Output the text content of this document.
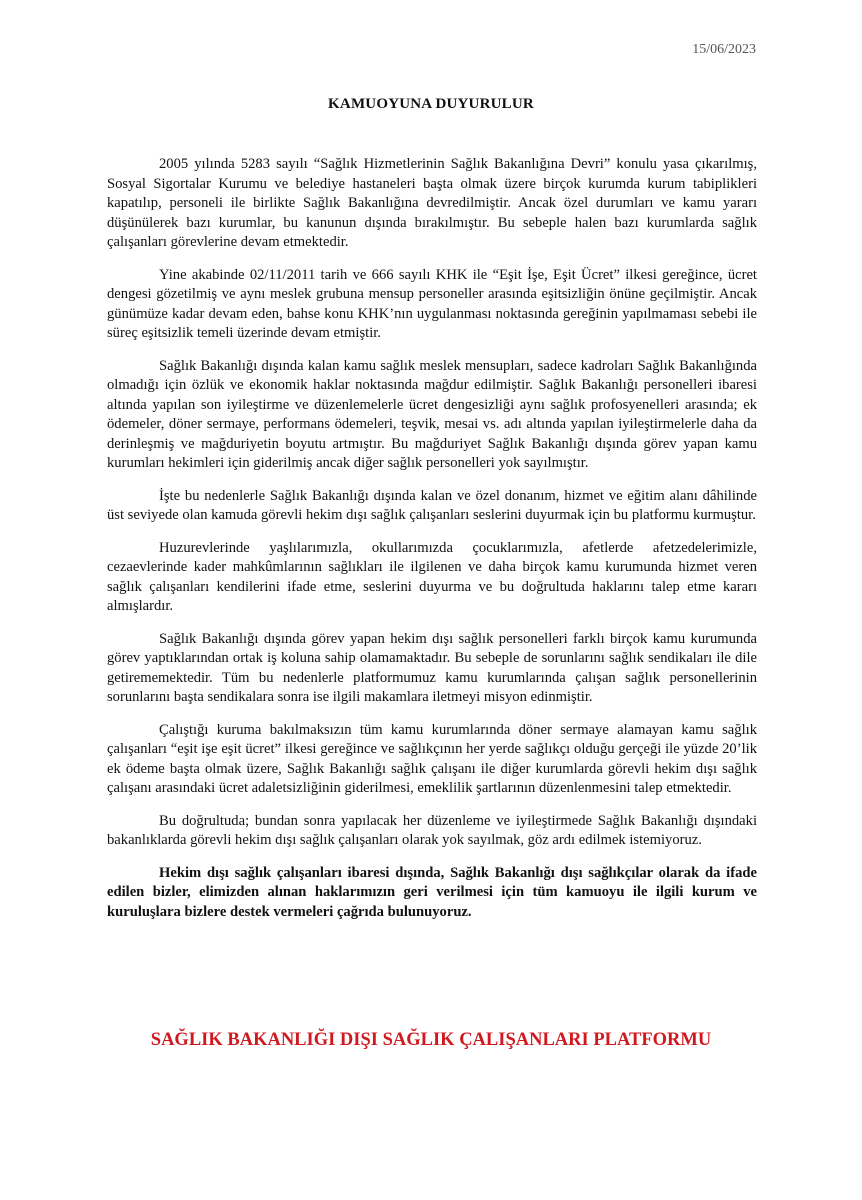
15/06/2023
KAMUOYUNA DUYURULUR

2005 yılında 5283 sayılı “Sağlık Hizmetlerinin Sağlık Bakanlığına Devri” konulu yasa çıkarılmış, Sosyal Sigortalar Kurumu ve belediye hastaneleri başta olmak üzere birçok kurumda kurum tabiplikleri kapatılıp, personeli ile birlikte Sağlık Bakanlığına devredilmiştir. Ancak özel durumları ve kamu yararı düşünülerek bazı kurumlar, bu kanunun dışında bırakılmıştır. Bu sebeple halen bazı kurumlarda sağlık çalışanları görevlerine devam etmektedir.

Yine akabinde 02/11/2011 tarih ve 666 sayılı KHK ile “Eşit İşe, Eşit Ücret” ilkesi gereğince, ücret dengesi gözetilmiş ve aynı meslek grubuna mensup personeller arasında eşitsizliğin önüne geçilmiştir. Ancak günümüze kadar devam eden, bahse konu KHK’nın uygulanması noktasında gereğinin yapılmaması sebebi ile süreç eşitsizlik temeli üzerinde devam etmiştir.

Sağlık Bakanlığı dışında kalan kamu sağlık meslek mensupları, sadece kadroları Sağlık Bakanlığında olmadığı için özlük ve ekonomik haklar noktasında mağdur edilmiştir. Sağlık Bakanlığı personelleri ibaresi altında yapılan son iyileştirme ve düzenlemelerle ücret dengesizliği aynı sağlık profosyenelleri arasında; ek ödemeler, döner sermaye, performans ödemeleri, teşvik, mesai vs. adı altında yapılan iyileştirmelerle daha da derinleşmiş ve mağduriyetin boyutu artmıştır. Bu mağduriyet Sağlık Bakanlığı dışında görev yapan kamu kurumları hekimleri için giderilmiş ancak diğer sağlık personelleri yok sayılmıştır.

İşte bu nedenlerle Sağlık Bakanlığı dışında kalan ve özel donanım, hizmet ve eğitim alanı dâhilinde üst seviyede olan kamuda görevli hekim dışı sağlık çalışanları seslerini duyurmak için bu platformu kurmuştur.

Huzurevlerinde yaşlılarımızla, okullarımızda çocuklarımızla, afetlerde afetzedelerimizle, cezaevlerinde kader mahkûmlarının sağlıkları ile ilgilenen ve daha birçok kamu kurumunda hizmet veren sağlık çalışanları kendilerini ifade etme, seslerini duyurma ve bu doğrultuda haklarını talep etme kararı almışlardır.

Sağlık Bakanlığı dışında görev yapan hekim dışı sağlık personelleri farklı birçok kamu kurumunda görev yaptıklarından ortak iş koluna sahip olamamaktadır. Bu sebeple de sorunlarını sağlık sendikaları ile dile getirememektedir. Tüm bu nedenlerle platformumuz kamu kurumlarında çalışan sağlık personellerinin sorunlarını başta sendikalara sonra ise ilgili makamlara iletmeyi misyon edinmiştir.

Çalıştığı kuruma bakılmaksızın tüm kamu kurumlarında döner sermaye alamayan kamu sağlık çalışanları “eşit işe eşit ücret” ilkesi gereğince ve sağlıkçının her yerde sağlıkçı olduğu gerçeği ile yüzde 20’lik ek ödeme başta olmak üzere, Sağlık Bakanlığı sağlık çalışanı ile diğer kurumlarda görevli hekim dışı sağlık çalışanı arasındaki ücret adaletsizliğinin giderilmesi, emeklilik şartlarının düzenlenmesini talep etmektedir.

Bu doğrultuda; bundan sonra yapılacak her düzenleme ve iyileştirmede Sağlık Bakanlığı dışındaki bakanlıklarda görevli hekim dışı sağlık çalışanları olarak yok sayılmak, göz ardı edilmek istemiyoruz.

Hekim dışı sağlık çalışanları ibaresi dışında, Sağlık Bakanlığı dışı sağlıkçılar olarak da ifade edilen bizler, elimizden alınan haklarımızın geri verilmesi için tüm kamuoyu ile ilgili kurum ve kuruluşlara bizlere destek vermeleri çağrıda bulunuyoruz.

SAĞLIK BAKANLIĞI DIŞI SAĞLIK ÇALIŞANLARI PLATFORMU
